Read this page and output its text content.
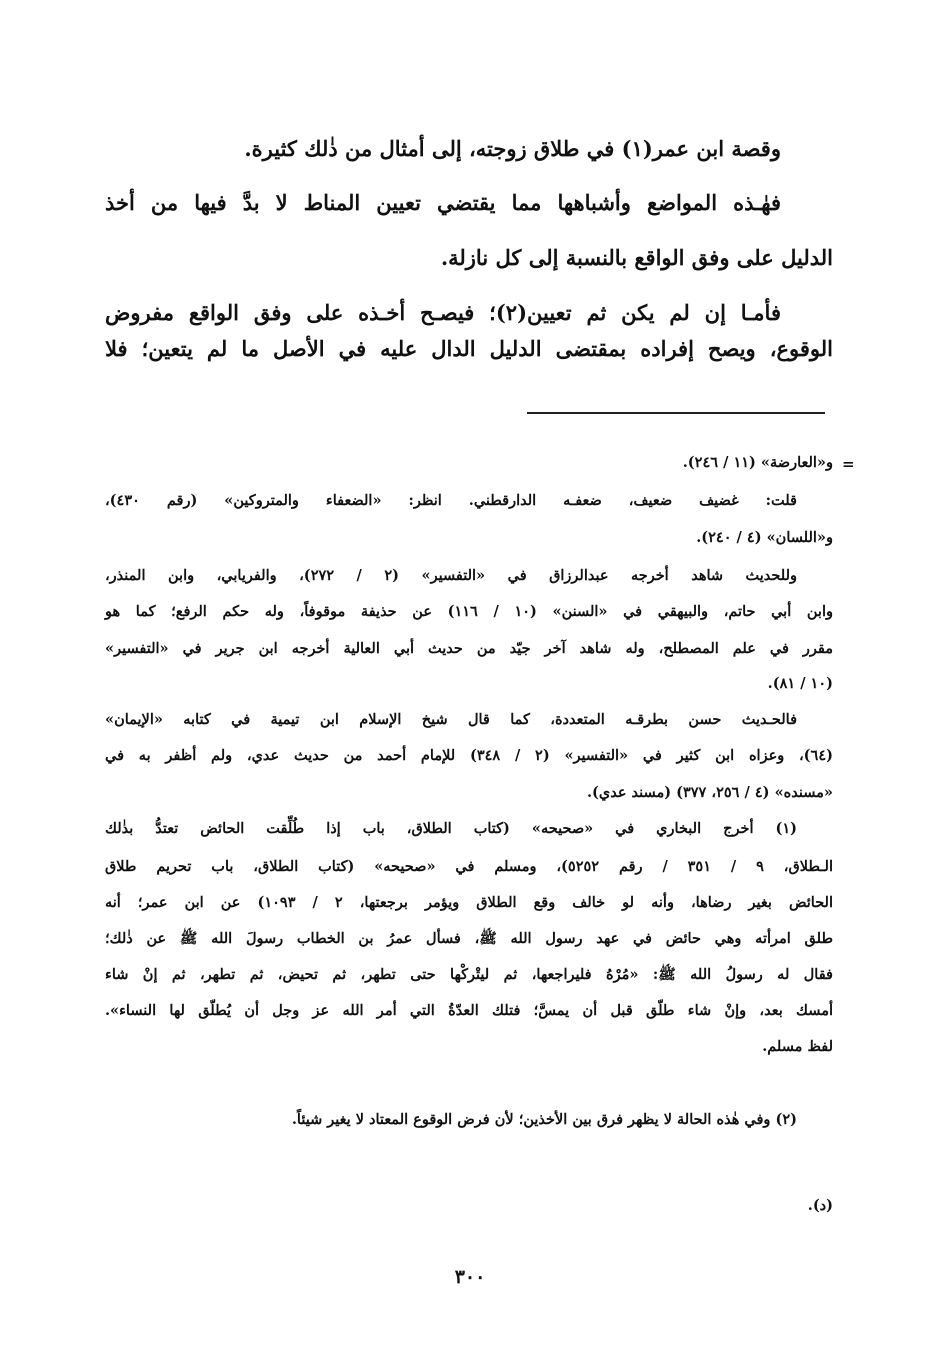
وقصة ابن عمر(١) في طلاق زوجته، إلى أمثال من ذٰلك كثيرة.
فهٰـذه المواضع وأشباهها مما يقتضي تعيين المناط لا بدَّ فيها من أخذ
الدليل على وفق الواقع بالنسبة إلى كل نازلة.
فأمـا إن لم يكن ثم تعيين(٢)؛ فيصـح أخـذه على وفق الواقع مفروض
الوقوع، ويصح إفراده بمقتضى الدليل الدال عليه في الأصل ما لم يتعين؛ فلا
=
و«العارضة» (١١ / ٢٤٦).
قلت: غضيف ضعيف، ضعفـه الدارقطني. انظر: «الضعفاء والمتروكين» (رقم ٤٣٠)،
و«اللسان» (٤ / ٢٤٠).
وللحديث شاهد أخرجه عبدالرزاق في «التفسير» (٢ / ٢٧٢)، والفريابي، وابن المنذر،
وابن أبي حاتم، والبيهقي في «السنن» (١٠ / ١١٦) عن حذيفة موقوفاً، وله حكم الرفع؛ كما هو
مقرر في علم المصطلح، وله شاهد آخر جيّد من حديث أبي العالية أخرجه ابن جرير في «التفسير»
(١٠ / ٨١).
فالحـديث حسن بطرقـه المتعددة، كما قال شيخ الإسلام ابن تيمية في كتابه «الإيمان»
(٦٤)، وعزاه ابن كثير في «التفسير» (٢ / ٣٤٨) للإمام أحمد من حديث عدي، ولم أظفر به في
«مسنده» (٤ / ٢٥٦، ٣٧٧) (مسند عدي).
(١) أخرج البخاري في «صحيحه» (كتاب الطلاق، باب إذا طُلِّقت الحائض تعتدُّ بذٰلك
الـطلاق، ٩ / ٣٥١ / رقم ٥٢٥٢)، ومسلم في «صحيحه» (كتاب الطلاق، باب تحريم طلاق
الحائض بغير رضاها، وأنه لو خالف وقع الطلاق ويؤمر برجعتها، ٢ / ١٠٩٣) عن ابن عمر؛ أنه
طلق امرأته وهي حائض في عهد رسول الله ﷺ، فسأل عمرُ بن الخطاب رسولَ الله ﷺ عن ذٰلك؛
فقال له رسولُ الله ﷺ: «مُرْهُ فليراجعها، ثم ليتْركْها حتى تطهر، ثم تحيض، ثم تطهر، ثم إنْ شاء
أمسك بعد، وإنْ شاء طلّق قبل أن يمسَّ؛ فتلك العدّةُ التي أمر الله عز وجل أن يُطلّق لها النساء».
لفظ مسلم.
(٢) وفي هٰذه الحالة لا يظهر فرق بين الأخذين؛ لأن فرض الوقوع المعتاد لا يغير شيئاً.
(د).
٣٠٠
